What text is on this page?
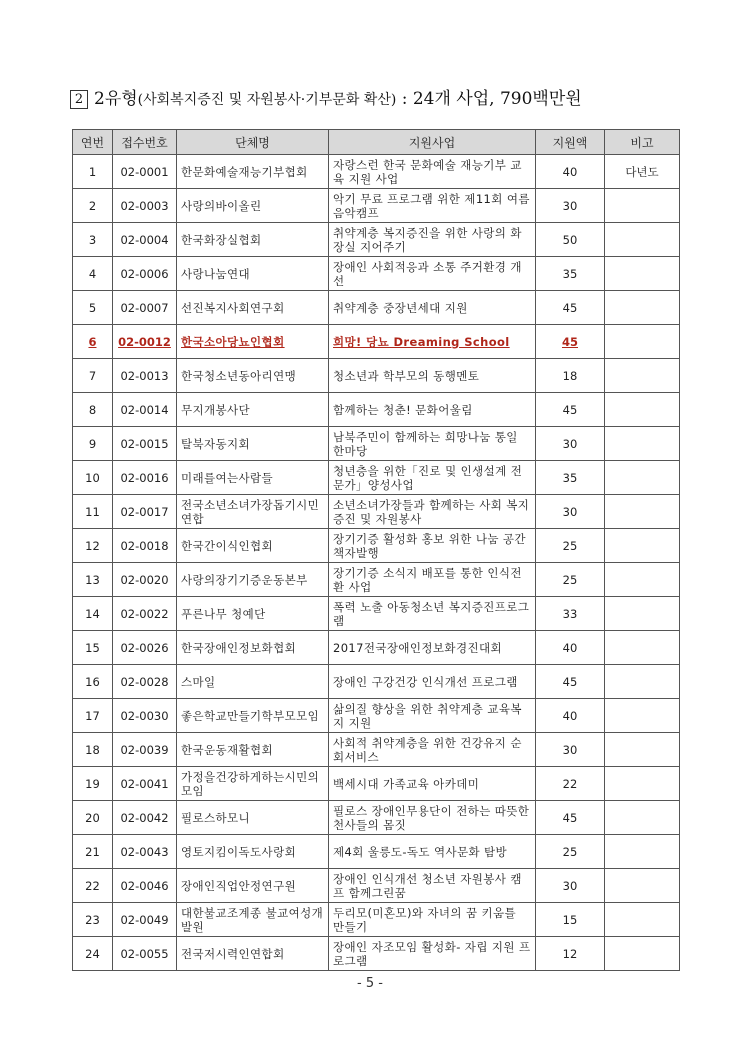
2 2유형(사회복지증진 및 자원봉사·기부문화 확산) : 24개 사업, 790백만원
연번	접수번호	단체명	지원사업	지원액	비고
1	02-0001	한문화예술재능기부협회	자랑스런 한국 문화예술 재능기부 교육 지원 사업	40	다년도
2	02-0003	사랑의바이올린	악기 무료 프로그램 위한 제11회 여름음악캠프	30	
3	02-0004	한국화장실협회	취약계층 복지증진을 위한 사랑의 화장실 지어주기	50	
4	02-0006	사랑나눔연대	장애인 사회적응과 소통 주거환경 개선	35	
5	02-0007	선진복지사회연구회	취약계층 중장년세대 지원	45	
6	02-0012	한국소아당뇨인협회	희망! 당뇨 Dreaming School	45	
7	02-0013	한국청소년동아리연맹	청소년과 학부모의 동행멘토	18	
8	02-0014	무지개봉사단	함께하는 청춘! 문화어울림	45	
9	02-0015	탈북자동지회	남북주민이 함께하는 희망나눔 통일 한마당	30	
10	02-0016	미래를여는사람들	청년층을 위한「진로 및 인생설계 전문가」양성사업	35	
11	02-0017	전국소년소녀가장돕기시민연합	소년소녀가장들과 함께하는 사회 복지증진 및 자원봉사	30	
12	02-0018	한국간이식인협회	장기기증 활성화 홍보 위한 나눔 공간 책자발행	25	
13	02-0020	사랑의장기기증운동본부	장기기증 소식지 배포를 통한 인식전환 사업	25	
14	02-0022	푸른나무 청예단	폭력 노출 아동청소년 복지증진프로그램	33	
15	02-0026	한국장애인정보화협회	2017전국장애인정보화경진대회	40	
16	02-0028	스마일	장애인 구강건강 인식개선 프로그램	45	
17	02-0030	좋은학교만들기학부모모임	삶의질 향상을 위한 취약계층 교육복지 지원	40	
18	02-0039	한국운동재활협회	사회적 취약계층을 위한 건강유지 순회서비스	30	
19	02-0041	가정을건강하게하는시민의모임	백세시대 가족교육 아카데미	22	
20	02-0042	필로스하모니	필로스 장애인무용단이 전하는 따뜻한 천사들의 몸짓	45	
21	02-0043	영토지킴이독도사랑회	제4회 울릉도-독도 역사문화 탐방	25	
22	02-0046	장애인직업안정연구원	장애인 인식개선 청소년 자원봉사 캠프 함께그린꿈	30	
23	02-0049	대한불교조계종 불교여성개발원	두리모(미혼모)와 자녀의 꿈 키움틀 만들기	15	
24	02-0055	전국저시력인연합회	장애인 자조모임 활성화- 자립 지원 프로그램	12	
- 5 -
